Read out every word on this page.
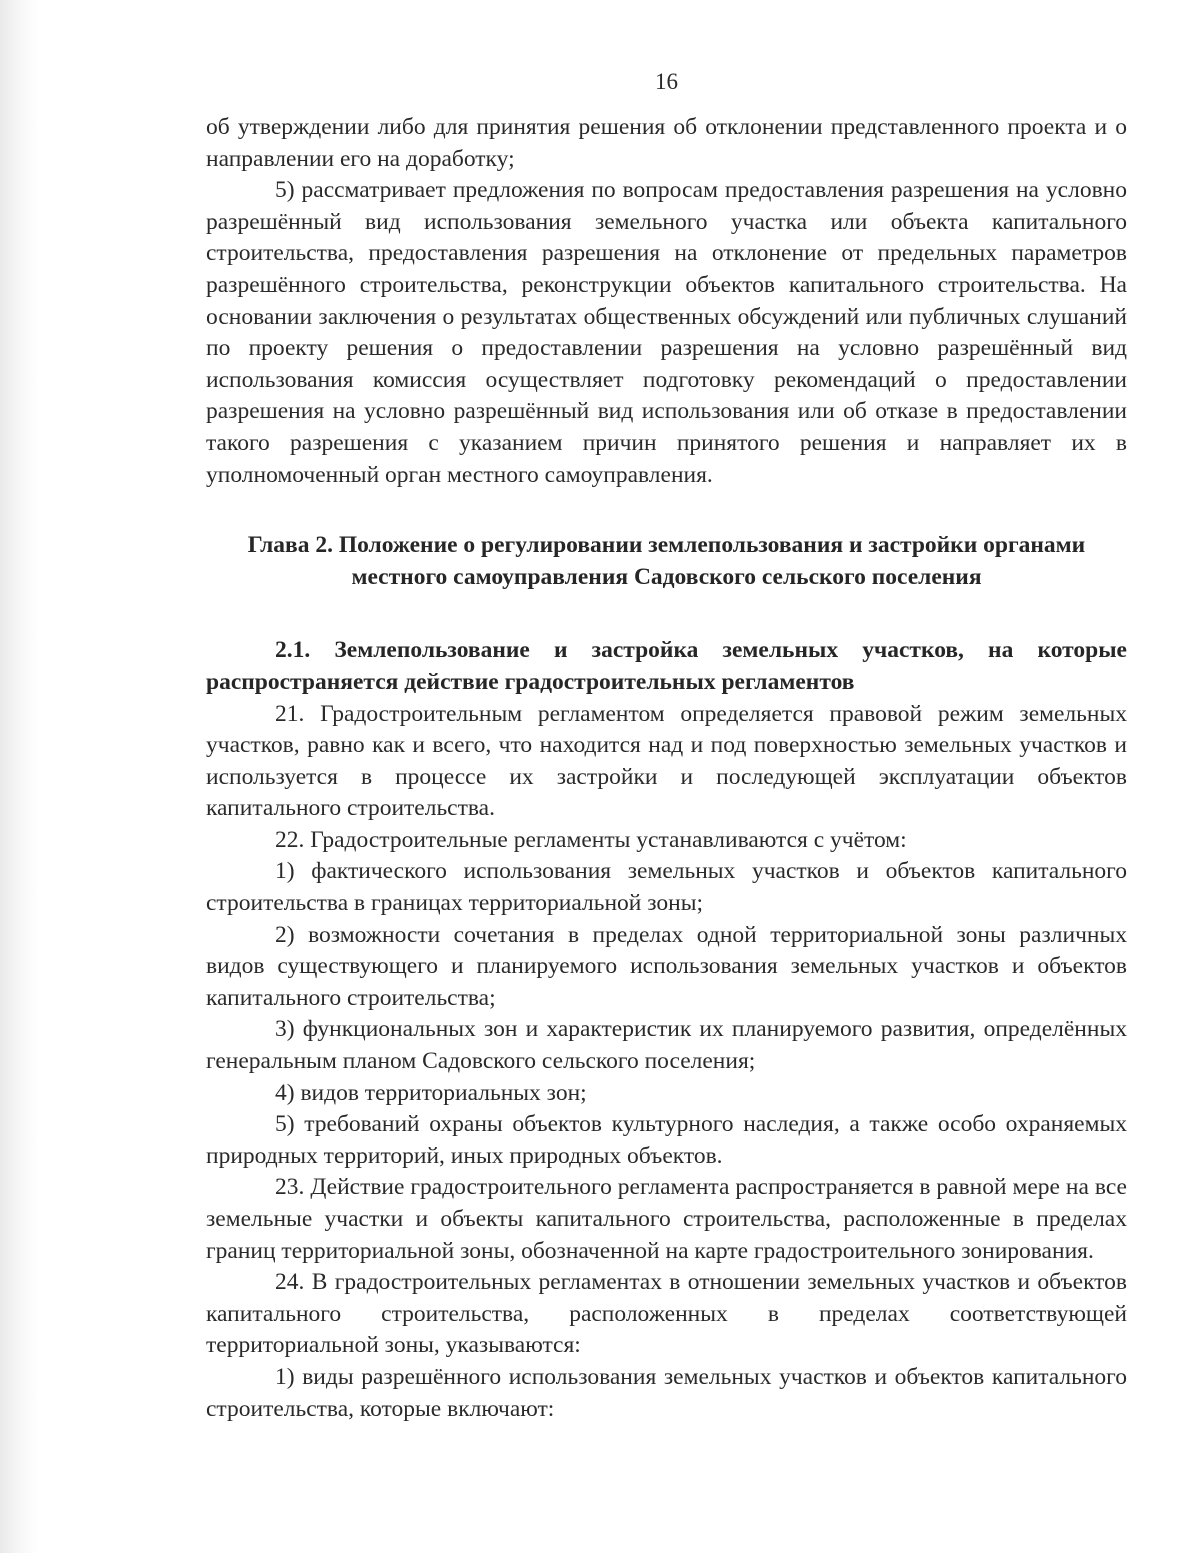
16

об утверждении либо для принятия решения об отклонении представленного проекта и о направлении его на доработку;

5) рассматривает предложения по вопросам предоставления разрешения на условно разрешённый вид использования земельного участка или объекта капитального строительства, предоставления разрешения на отклонение от предельных параметров разрешённого строительства, реконструкции объектов капитального строительства. На основании заключения о результатах общественных обсуждений или публичных слушаний по проекту решения о предоставлении разрешения на условно разрешённый вид использования комиссия осуществляет подготовку рекомендаций о предоставлении разрешения на условно разрешённый вид использования или об отказе в предоставлении такого разрешения с указанием причин принятого решения и направляет их в уполномоченный орган местного самоуправления.

Глава 2. Положение о регулировании землепользования и застройки органами местного самоуправления Садовского сельского поселения

2.1. Землепользование и застройка земельных участков, на которые распространяется действие градостроительных регламентов

21. Градостроительным регламентом определяется правовой режим земельных участков, равно как и всего, что находится над и под поверхностью земельных участков и используется в процессе их застройки и последующей эксплуатации объектов капитального строительства.

22. Градостроительные регламенты устанавливаются с учётом:

1) фактического использования земельных участков и объектов капитального строительства в границах территориальной зоны;

2) возможности сочетания в пределах одной территориальной зоны различных видов существующего и планируемого использования земельных участков и объектов капитального строительства;

3) функциональных зон и характеристик их планируемого развития, определённых генеральным планом Садовского сельского поселения;

4) видов территориальных зон;

5) требований охраны объектов культурного наследия, а также особо охраняемых природных территорий, иных природных объектов.

23. Действие градостроительного регламента распространяется в равной мере на все земельные участки и объекты капитального строительства, расположенные в пределах границ территориальной зоны, обозначенной на карте градостроительного зонирования.

24. В градостроительных регламентах в отношении земельных участков и объектов капитального строительства, расположенных в пределах соответствующей территориальной зоны, указываются:

1) виды разрешённого использования земельных участков и объектов капитального строительства, которые включают:
